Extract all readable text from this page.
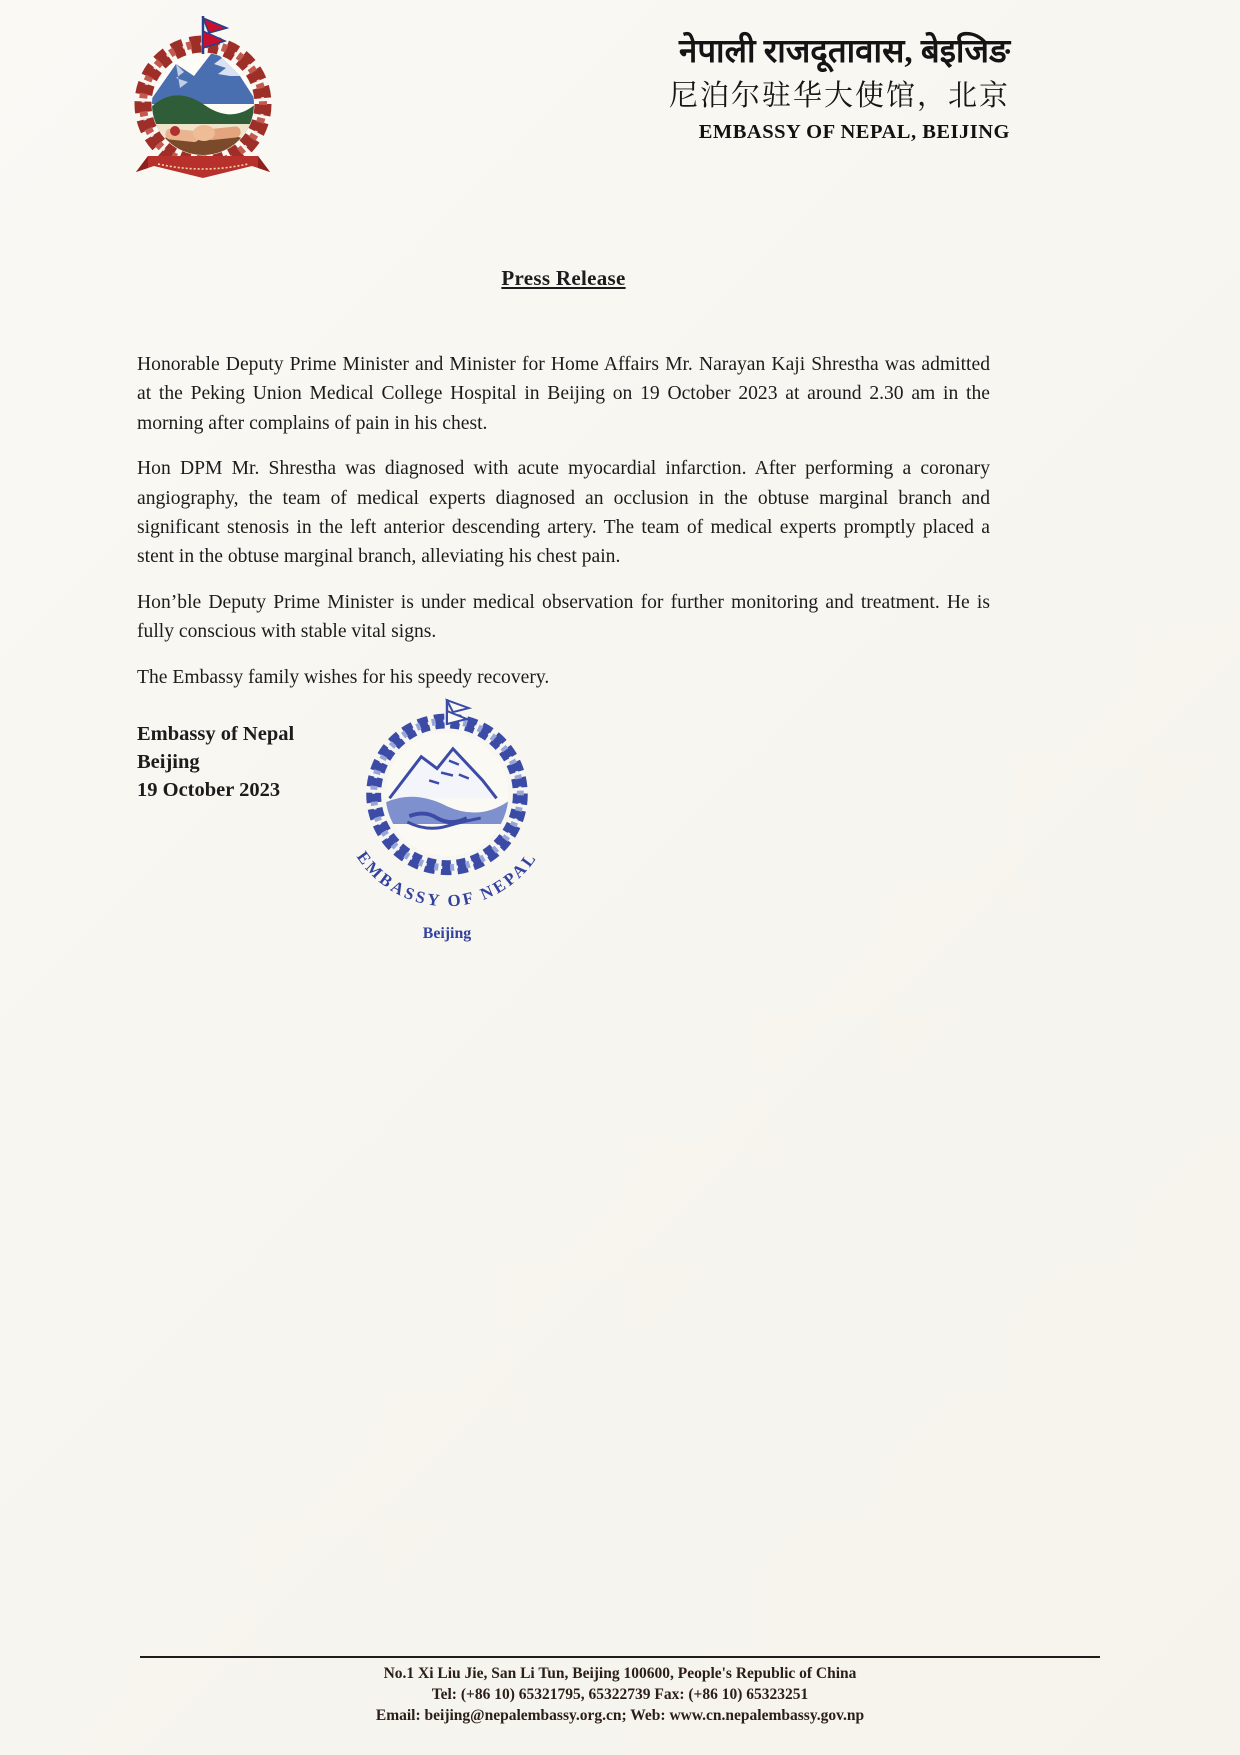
नेपाली राजदूतावास, बेइजिङ
尼泊尔驻华大使馆，北京
EMBASSY OF NEPAL, BEIJING
Press Release

Honorable Deputy Prime Minister and Minister for Home Affairs Mr. Narayan Kaji Shrestha was admitted at the Peking Union Medical College Hospital in Beijing on 19 October 2023 at around 2.30 am in the morning after complains of pain in his chest.

Hon DPM Mr. Shrestha was diagnosed with acute myocardial infarction. After performing a coronary angiography, the team of medical experts diagnosed an occlusion in the obtuse marginal branch and significant stenosis in the left anterior descending artery. The team of medical experts promptly placed a stent in the obtuse marginal branch, alleviating his chest pain.

Hon’ble Deputy Prime Minister is under medical observation for further monitoring and treatment. He is fully conscious with stable vital signs.

The Embassy family wishes for his speedy recovery.

Embassy of Nepal
Beijing
19 October 2023
EMBASSY OF NEPAL
Beijing
No.1 Xi Liu Jie, San Li Tun, Beijing 100600, People's Republic of China
Tel: (+86 10) 65321795, 65322739 Fax: (+86 10) 65323251
Email: beijing@nepalembassy.org.cn; Web: www.cn.nepalembassy.gov.np
